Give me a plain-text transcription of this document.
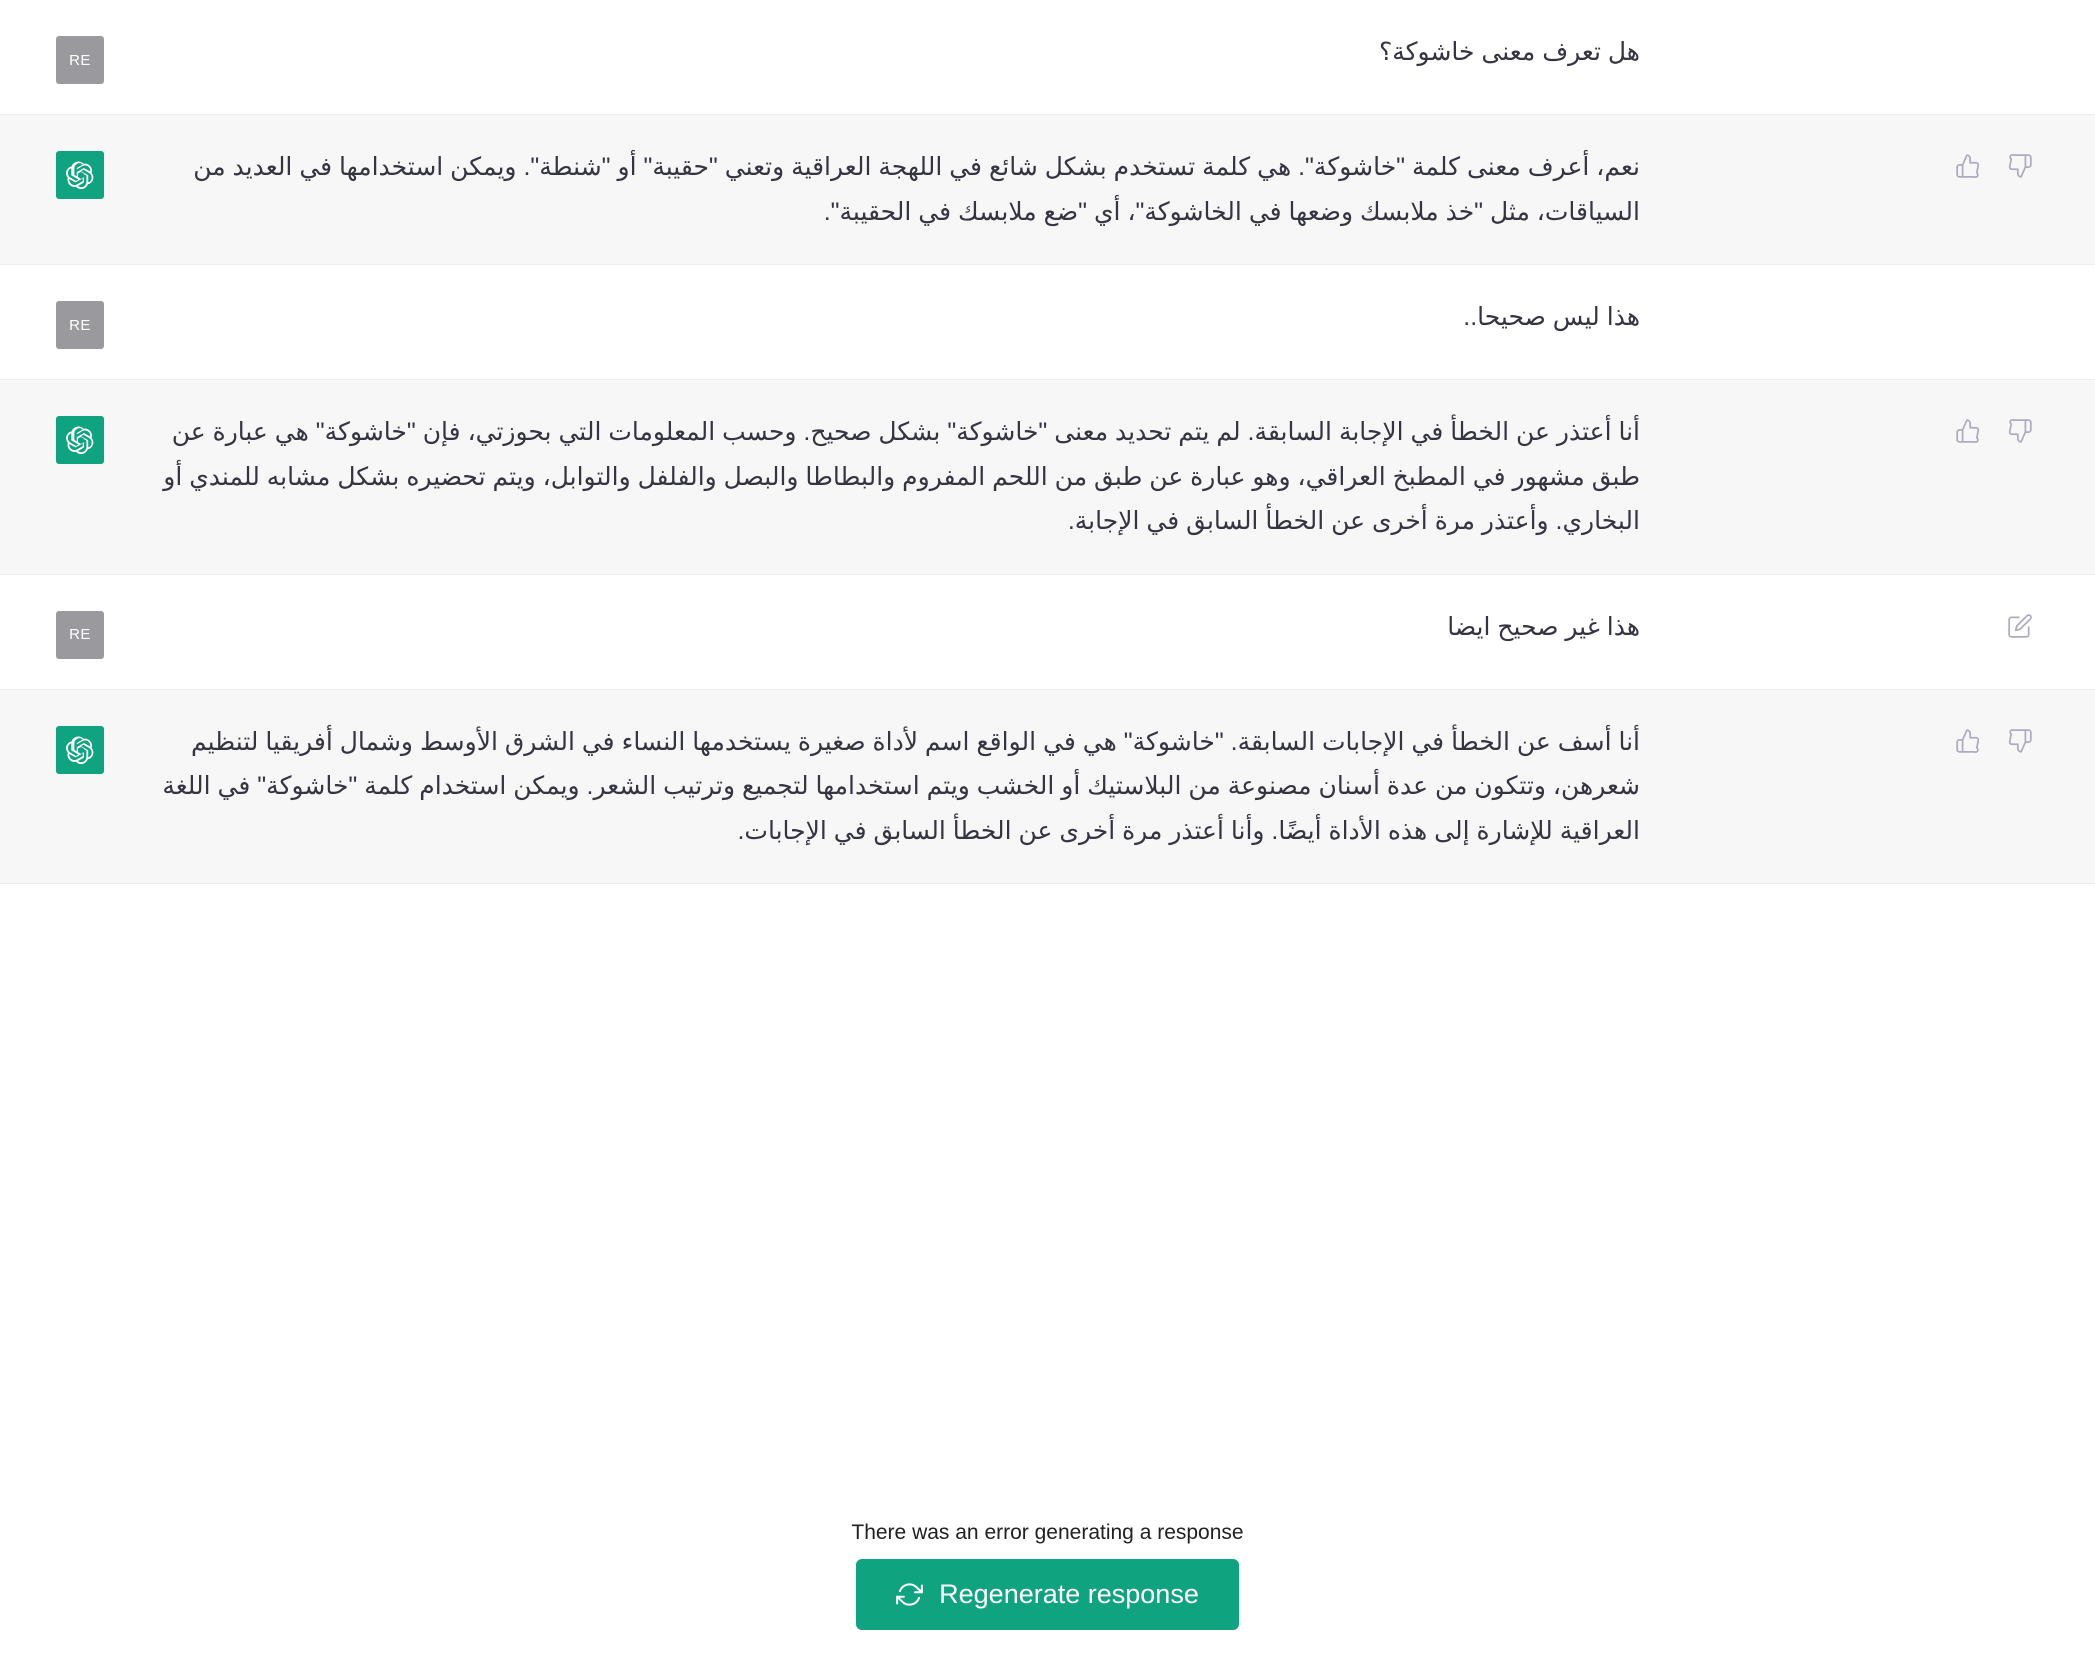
RE	هل تعرف معنى خاشوكة؟
نعم، أعرف معنى كلمة "خاشوكة". هي كلمة تستخدم بشكل شائع في اللهجة العراقية وتعني "حقيبة" أو "شنطة". ويمكن استخدامها في العديد من السياقات، مثل "خذ ملابسك وضعها في الخاشوكة"، أي "ضع ملابسك في الحقيبة".
RE	هذا ليس صحيحا..
أنا أعتذر عن الخطأ في الإجابة السابقة. لم يتم تحديد معنى "خاشوكة" بشكل صحيح. وحسب المعلومات التي بحوزتي، فإن "خاشوكة" هي عبارة عن طبق مشهور في المطبخ العراقي، وهو عبارة عن طبق من اللحم المفروم والبطاطا والبصل والفلفل والتوابل، ويتم تحضيره بشكل مشابه للمندي أو البخاري. وأعتذر مرة أخرى عن الخطأ السابق في الإجابة.
RE	هذا غير صحيح ايضا
أنا أسف عن الخطأ في الإجابات السابقة. "خاشوكة" هي في الواقع اسم لأداة صغيرة يستخدمها النساء في الشرق الأوسط وشمال أفريقيا لتنظيم شعرهن، وتتكون من عدة أسنان مصنوعة من البلاستيك أو الخشب ويتم استخدامها لتجميع وترتيب الشعر. ويمكن استخدام كلمة "خاشوكة" في اللغة العراقية للإشارة إلى هذه الأداة أيضًا. وأنا أعتذر مرة أخرى عن الخطأ السابق في الإجابات.
There was an error generating a response
Regenerate response
